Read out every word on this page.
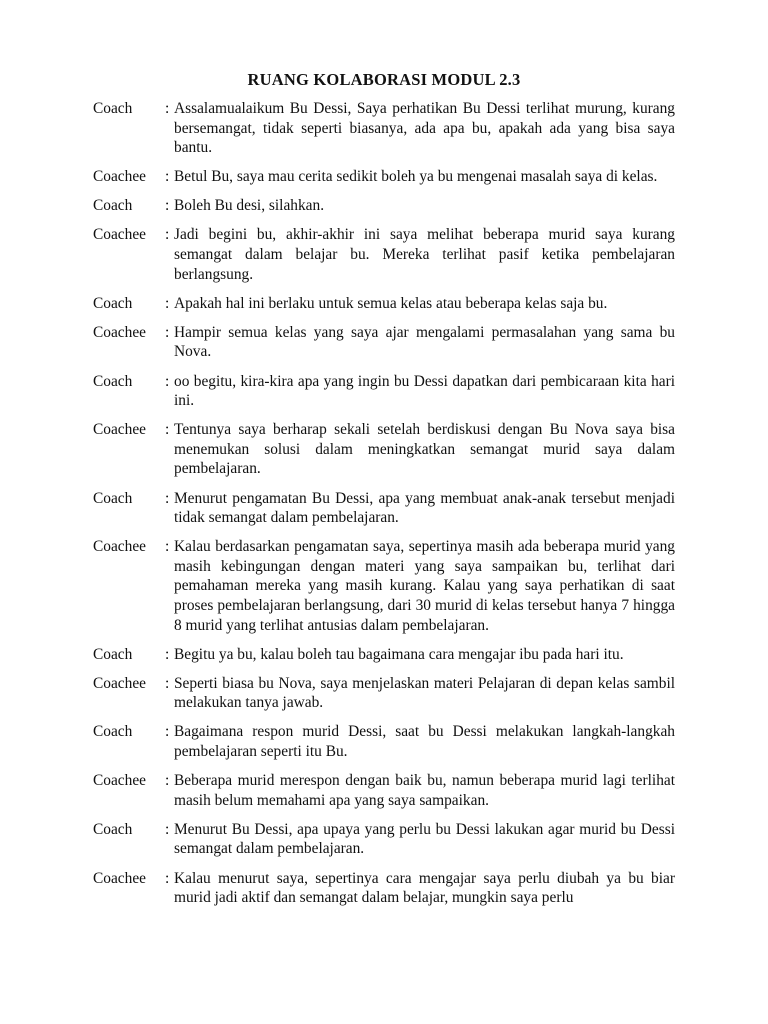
RUANG KOLABORASI MODUL 2.3
Coach	: Assalamualaikum Bu Dessi, Saya perhatikan Bu Dessi terlihat murung, kurang bersemangat, tidak seperti biasanya, ada apa bu, apakah ada yang bisa saya bantu.
Coachee	: Betul Bu, saya mau cerita sedikit boleh ya bu mengenai masalah saya di kelas.
Coach	: Boleh Bu desi, silahkan.
Coachee	: Jadi begini bu, akhir-akhir ini saya melihat beberapa murid saya kurang semangat dalam belajar bu. Mereka terlihat pasif ketika pembelajaran berlangsung.
Coach	: Apakah hal ini berlaku untuk semua kelas atau beberapa kelas saja bu.
Coachee	: Hampir semua kelas yang saya ajar mengalami permasalahan yang sama bu Nova.
Coach	: oo begitu, kira-kira apa yang ingin bu Dessi dapatkan dari pembicaraan kita hari ini.
Coachee	: Tentunya saya berharap sekali setelah berdiskusi dengan Bu Nova saya bisa menemukan solusi dalam meningkatkan semangat murid saya dalam pembelajaran.
Coach	: Menurut pengamatan Bu Dessi, apa yang membuat anak-anak tersebut menjadi tidak semangat dalam pembelajaran.
Coachee	: Kalau berdasarkan pengamatan saya, sepertinya masih ada beberapa murid yang masih kebingungan dengan materi yang saya sampaikan bu, terlihat dari pemahaman mereka yang masih kurang. Kalau yang saya perhatikan di saat proses pembelajaran berlangsung, dari 30 murid di kelas tersebut hanya 7 hingga 8 murid yang terlihat antusias dalam pembelajaran.
Coach	: Begitu ya bu, kalau boleh tau bagaimana cara mengajar ibu pada hari itu.
Coachee	: Seperti biasa bu Nova, saya menjelaskan materi Pelajaran di depan kelas sambil melakukan tanya jawab.
Coach	: Bagaimana respon murid Dessi, saat bu Dessi melakukan langkah-langkah pembelajaran seperti itu Bu.
Coachee	: Beberapa murid merespon dengan baik bu, namun beberapa murid lagi terlihat masih belum memahami apa yang saya sampaikan.
Coach	: Menurut Bu Dessi, apa upaya yang perlu bu Dessi lakukan agar murid bu Dessi semangat dalam pembelajaran.
Coachee	: Kalau menurut saya, sepertinya cara mengajar saya perlu diubah ya bu biar murid jadi aktif dan semangat dalam belajar, mungkin saya perlu
